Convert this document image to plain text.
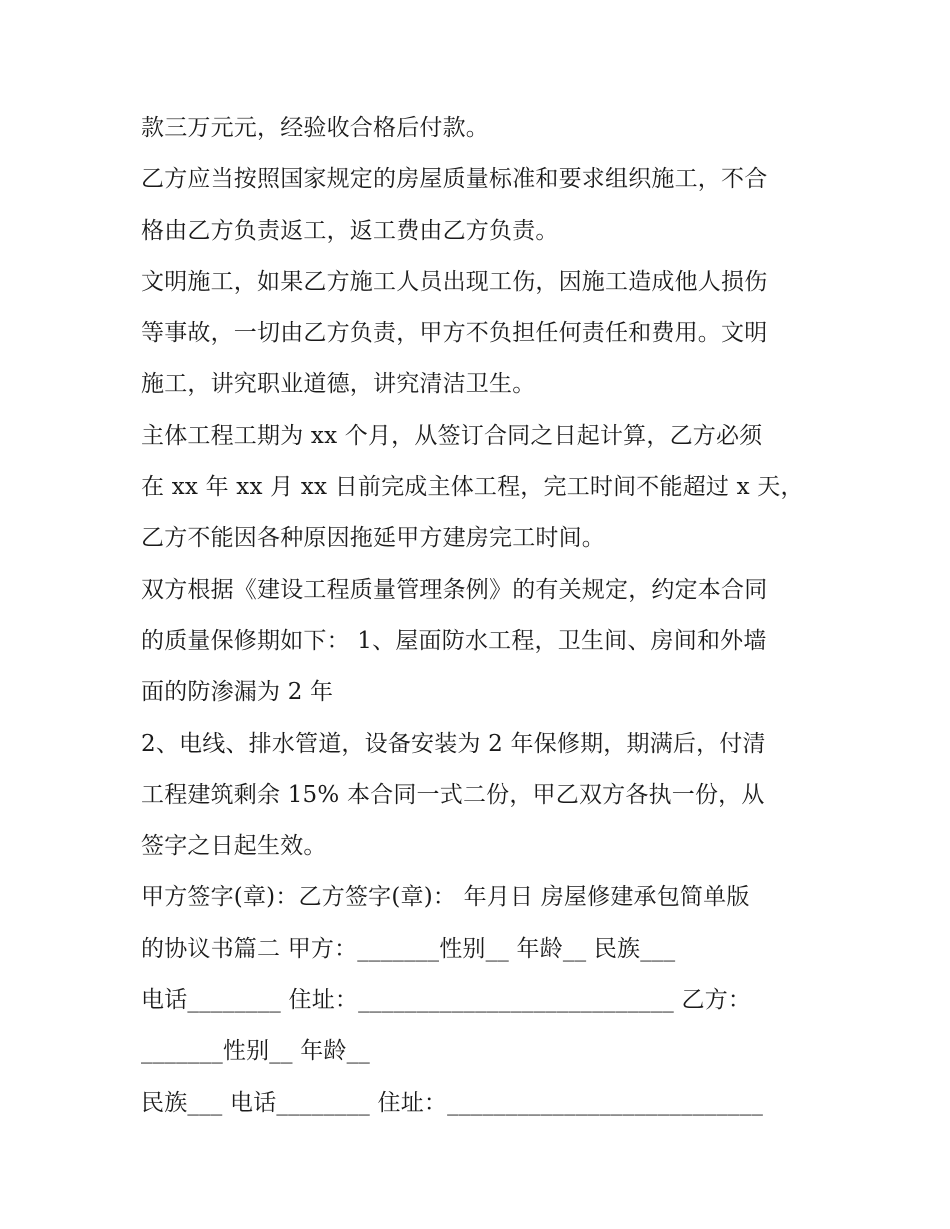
款三万元元，经验收合格后付款。
乙方应当按照国家规定的房屋质量标准和要求组织施工，不合
格由乙方负责返工，返工费由乙方负责。
文明施工，如果乙方施工人员出现工伤，因施工造成他人损伤
等事故，一切由乙方负责，甲方不负担任何责任和费用。文明
施工，讲究职业道德，讲究清洁卫生。
主体工程工期为 xx 个月，从签订合同之日起计算，乙方必须
在 xx 年 xx 月 xx 日前完成主体工程，完工时间不能超过 x 天，
乙方不能因各种原因拖延甲方建房完工时间。
双方根据《建设工程质量管理条例》的有关规定，约定本合同
的质量保修期如下： 1、屋面防水工程，卫生间、房间和外墙
面的防渗漏为 2 年
2、电线、排水管道，设备安装为 2 年保修期，期满后，付清
工程建筑剩余 15% 本合同一式二份，甲乙双方各执一份，从
签字之日起生效。
甲方签字(章)：乙方签字(章)： 年月日 房屋修建承包简单版
的协议书篇二 甲方：_______性别__ 年龄__ 民族___
电话________ 住址：___________________________ 乙方：
_______性别__ 年龄__
民族___ 电话________ 住址：___________________________
